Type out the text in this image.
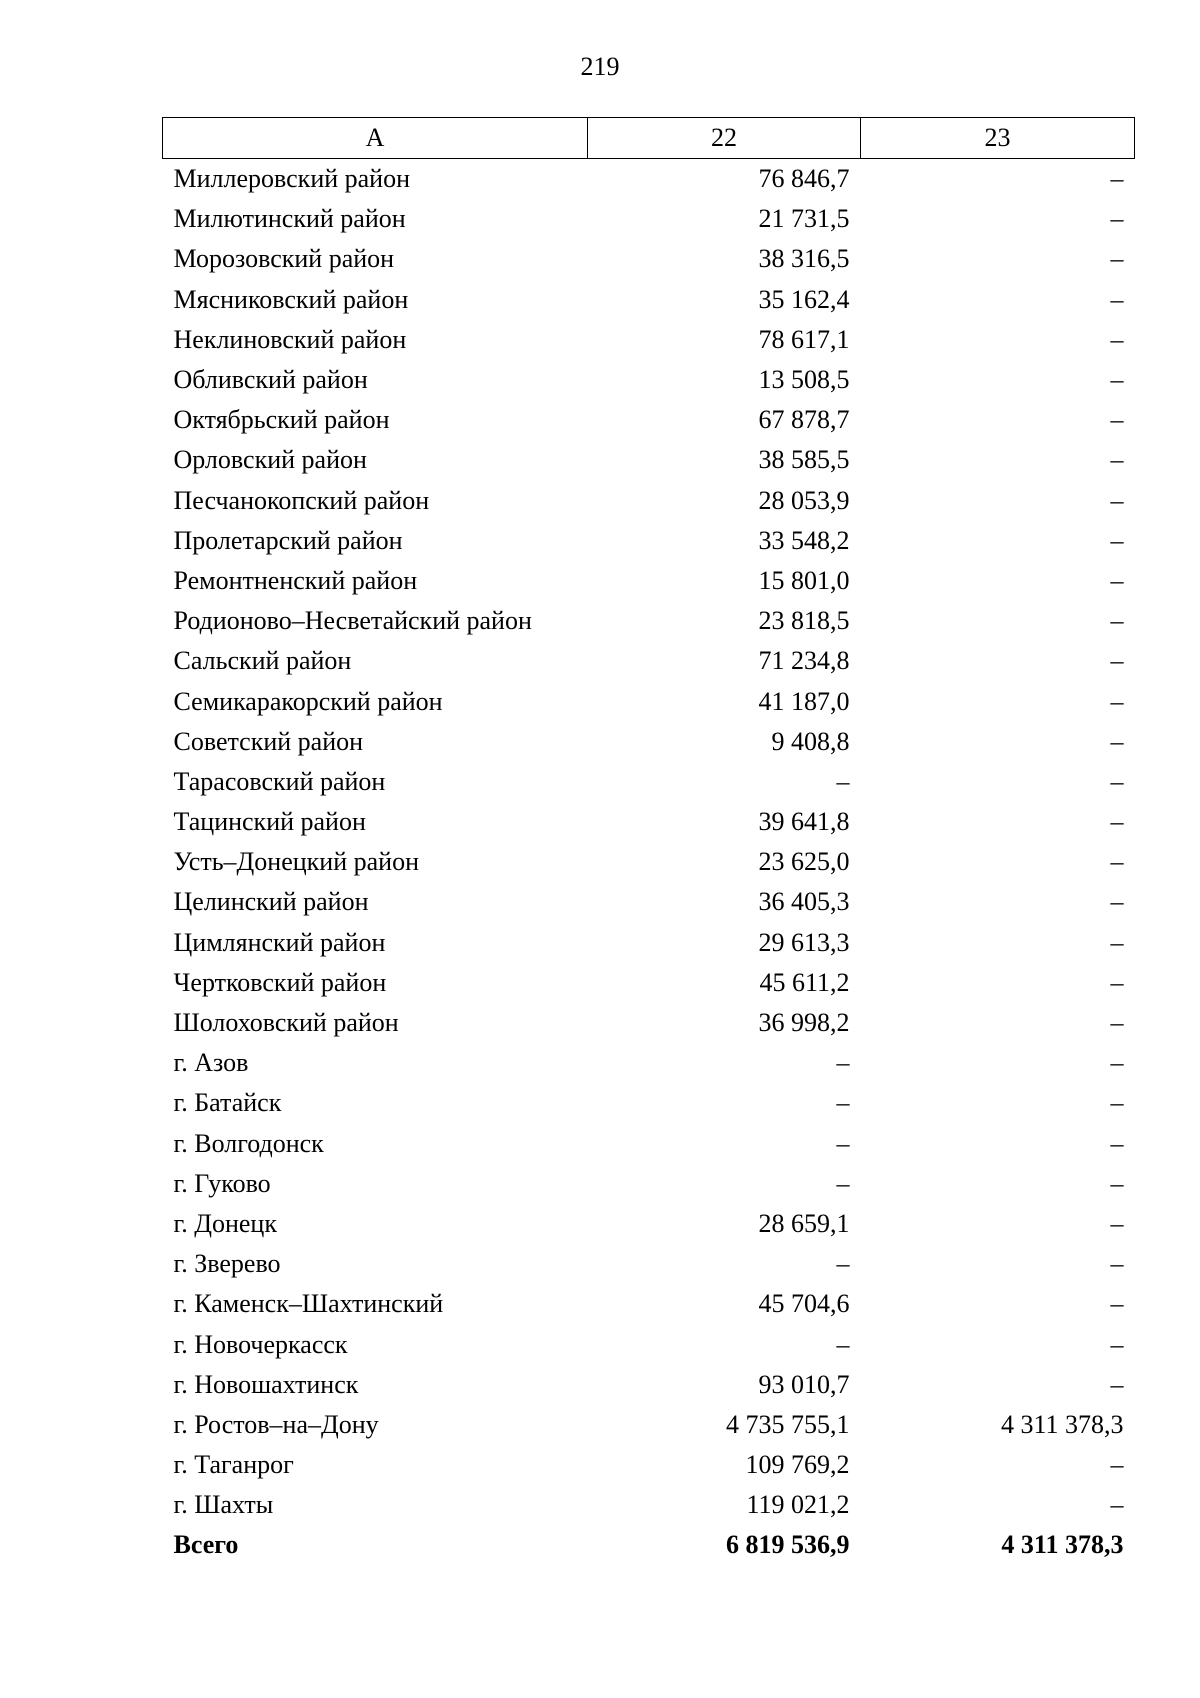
219
А	22	23
Миллеровский район	76 846,7	–
Милютинский район	21 731,5	–
Морозовский район	38 316,5	–
Мясниковский район	35 162,4	–
Неклиновский район	78 617,1	–
Обливский район	13 508,5	–
Октябрьский район	67 878,7	–
Орловский район	38 585,5	–
Песчанокопский район	28 053,9	–
Пролетарский район	33 548,2	–
Ремонтненский район	15 801,0	–
Родионово–Несветайский район	23 818,5	–
Сальский район	71 234,8	–
Семикаракорский район	41 187,0	–
Советский район	9 408,8	–
Тарасовский район	–	–
Тацинский район	39 641,8	–
Усть–Донецкий район	23 625,0	–
Целинский район	36 405,3	–
Цимлянский район	29 613,3	–
Чертковский район	45 611,2	–
Шолоховский район	36 998,2	–
г. Азов	–	–
г. Батайск	–	–
г. Волгодонск	–	–
г. Гуково	–	–
г. Донецк	28 659,1	–
г. Зверево	–	–
г. Каменск–Шахтинский	45 704,6	–
г. Новочеркасск	–	–
г. Новошахтинск	93 010,7	–
г. Ростов–на–Дону	4 735 755,1	4 311 378,3
г. Таганрог	109 769,2	–
г. Шахты	119 021,2	–
Всего	6 819 536,9	4 311 378,3
